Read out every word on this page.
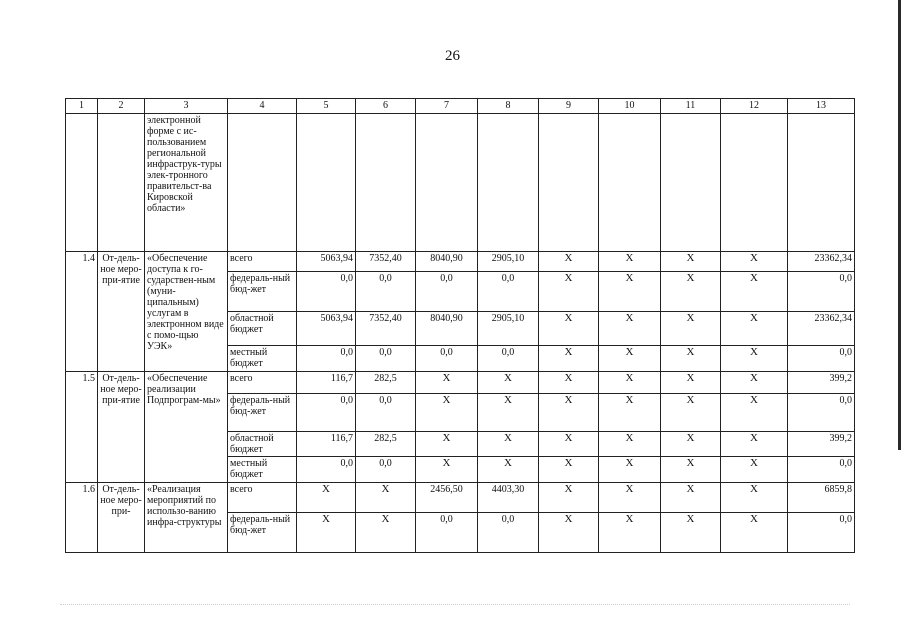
26
1	2	3	4	5	6	7	8	9	10	11	12	13
		электронной форме с ис-пользованием региональной инфраструк-туры элек-тронного правительст-ва Кировской области»										
1.4	От-дель-ное меро-при-ятие	«Обеспечение доступа к го-сударствен-ным (муни-ципальным) услугам в электронном виде с помо-щью УЭК»	всего	5063,94	7352,40	8040,90	2905,10	X	X	X	X	23362,34
			федераль-ный бюд-жет	0,0	0,0	0,0	0,0	X	X	X	X	0,0
			областной бюджет	5063,94	7352,40	8040,90	2905,10	X	X	X	X	23362,34
			местный бюджет	0,0	0,0	0,0	0,0	X	X	X	X	0,0
1.5	От-дель-ное меро-при-ятие	«Обеспечение реализации Подпрограм-мы»	всего	116,7	282,5	X	X	X	X	X	X	399,2
			федераль-ный бюд-жет	0,0	0,0	X	X	X	X	X	X	0,0
			областной бюджет	116,7	282,5	X	X	X	X	X	X	399,2
			местный бюджет	0,0	0,0	X	X	X	X	X	X	0,0
1.6	От-дель-ное меро-при-	«Реализация мероприятий по использо-ванию инфра-структуры	всего	X	X	2456,50	4403,30	X	X	X	X	6859,8
			федераль-ный бюд-жет	X	X	0,0	0,0	X	X	X	X	0,0
